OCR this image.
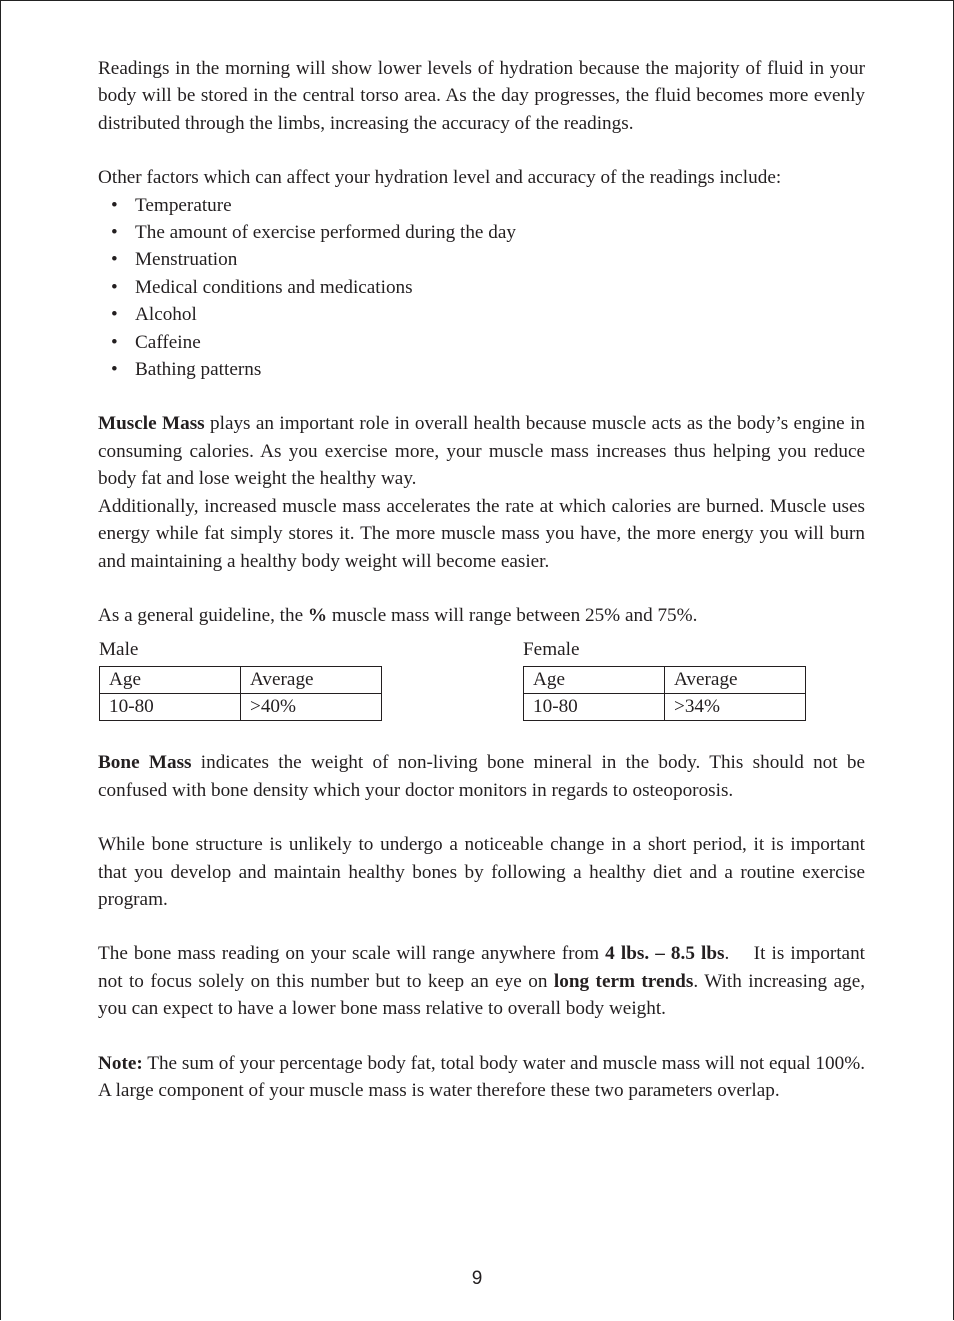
Readings in the morning will show lower levels of hydration because the majority of fluid in your body will be stored in the central torso area. As the day progresses, the fluid becomes more evenly distributed through the limbs, increasing the accuracy of the readings.

Other factors which can affect your hydration level and accuracy of the readings include:

• Temperature
• The amount of exercise performed during the day
• Menstruation
• Medical conditions and medications
• Alcohol
• Caffeine
• Bathing patterns

Muscle Mass plays an important role in overall health because muscle acts as the body’s engine in consuming calories. As you exercise more, your muscle mass increases thus helping you reduce body fat and lose weight the healthy way.

Additionally, increased muscle mass accelerates the rate at which calories are burned. Muscle uses energy while fat simply stores it. The more muscle mass you have, the more energy you will burn and maintaining a healthy body weight will become easier.

As a general guideline, the % muscle mass will range between 25% and 75%.

Male
Age	Average
10-80	>40%
Female
Age	Average
10-80	>34%

Bone Mass indicates the weight of non-living bone mineral in the body. This should not be confused with bone density which your doctor monitors in regards to osteoporosis.

While bone structure is unlikely to undergo a noticeable change in a short period, it is important that you develop and maintain healthy bones by following a healthy diet and a routine exercise program.

The bone mass reading on your scale will range anywhere from 4 lbs. – 8.5 lbs.    It is important not to focus solely on this number but to keep an eye on long term trends. With increasing age, you can expect to have a lower bone mass relative to overall body weight.

Note: The sum of your percentage body fat, total body water and muscle mass will not equal 100%. A large component of your muscle mass is water therefore these two parameters overlap.

9
